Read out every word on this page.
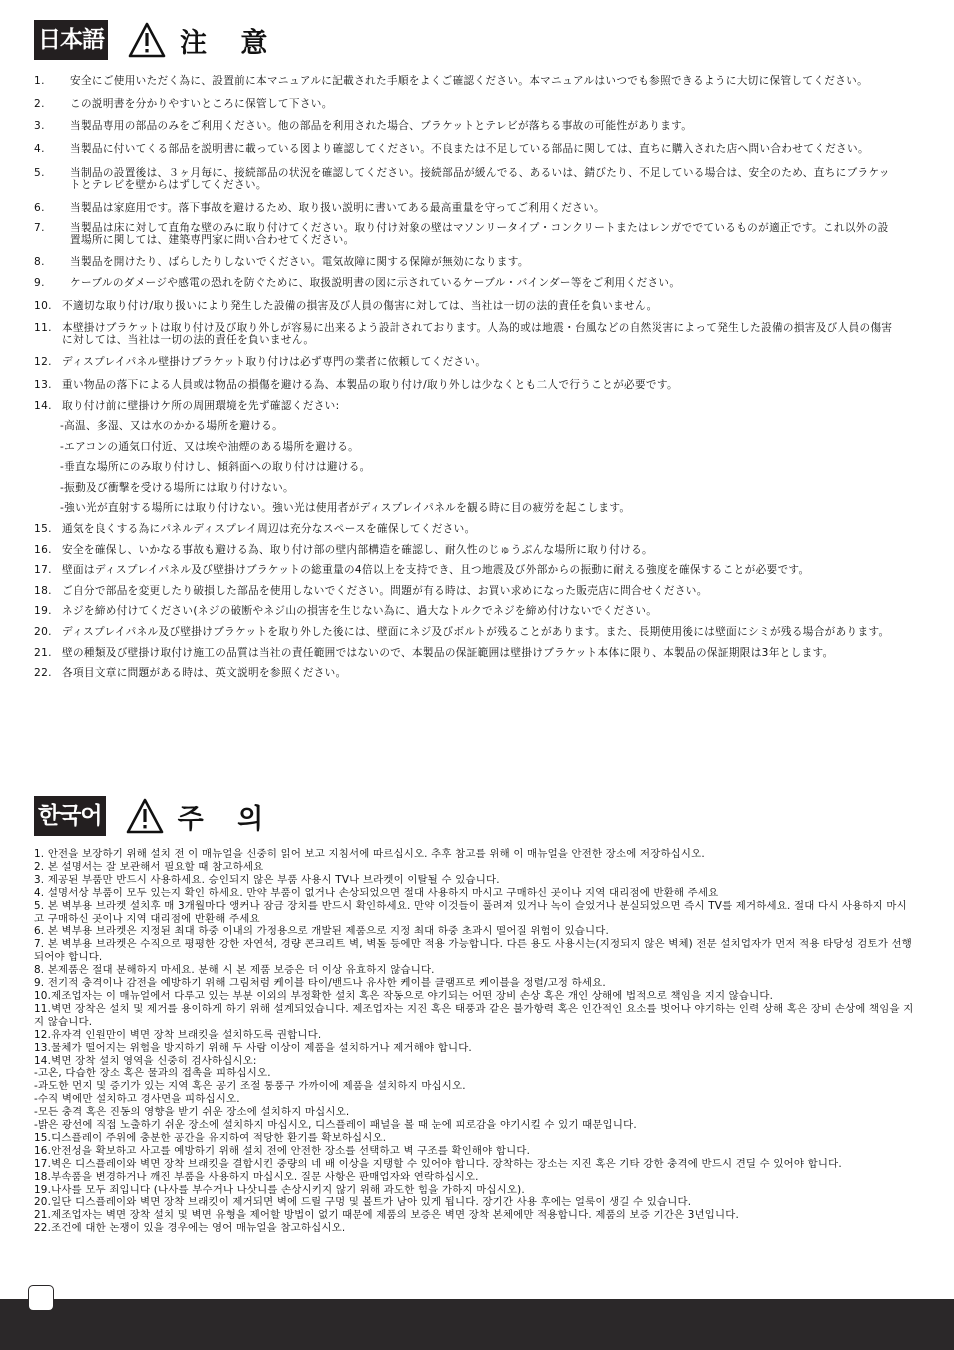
日本語	注 意
1.	安全にご使用いただく為に、設置前に本マニュアルに記載された手順をよくご確認ください。本マニュアルはいつでも参照できるように大切に保管してください。
2.	この説明書を分かりやすいところに保管して下さい。
3.	当製品専用の部品のみをご利用ください。他の部品を利用された場合、ブラケットとテレビが落ちる事故の可能性があります。
4.	当製品に付いてくる部品を説明書に載っている図より確認してください。不良または不足している部品に関しては、直ちに購入された店へ問い合わせてください。
5.	当制品の設置後は、３ヶ月毎に、接続部品の状況を確認してください。接続部品が緩んでる、あるいは、錆びたり、不足している場合は、安全のため、直ちにブラケットとテレビを壁からはずしてください。
6.	当製品は家庭用です。落下事故を避けるため、取り扱い説明に書いてある最高重量を守ってご利用ください。
7.	当製品は床に対して直角な壁のみに取り付けてください。取り付け対象の壁はマソンリータイプ・コンクリートまたはレンガででているものが適正です。これ以外の設置場所に関しては、建築専門家に問い合わせてください。
8.	当製品を開けたり、ばらしたりしないでください。電気故障に関する保障が無効になります。
9.	ケーブルのダメージや感電の恐れを防ぐために、取扱説明書の図に示されているケーブル・バインダー等をご利用ください。
10. 不適切な取り付け/取り扱いにより発生した設備の損害及び人員の傷害に対しては、当社は一切の法的責任を負いません。
11. 本壁掛けブラケットは取り付け及び取り外しが容易に出来るよう設計されております。人為的或は地震・台風などの自然災害によって発生した設備の損害及び人員の傷害に対しては、当社は一切の法的責任を負いません。
12. ディスプレイパネル壁掛けブラケット取り付けは必ず専門の業者に依頼してください。
13. 重い物品の落下による人員或は物品の損傷を避ける為、本製品の取り付け/取り外しは少なくとも二人で行うことが必要です。
14. 取り付け前に壁掛けケ所の周囲環境を先ず確認ください:
-高温、多湿、又は水のかかる場所を避ける。
-エアコンの通気口付近、又は埃や油煙のある場所を避ける。
-垂直な場所にのみ取り付けし、傾斜面への取り付けは避ける。
-振動及び衝撃を受ける場所には取り付けない。
-強い光が直射する場所には取り付けない。強い光は使用者がディスプレイパネルを観る時に目の疲労を起こします。
15. 通気を良くする為にパネルディスプレイ周辺は充分なスペースを確保してください。
16. 安全を確保し、いかなる事故も避ける為、取り付け部の壁内部構造を確認し、耐久性のじゅうぶんな場所に取り付ける。
17. 壁面はディスプレイパネル及び壁掛けブラケットの総重量の4倍以上を支持でき、且つ地震及び外部からの振動に耐える強度を確保することが必要です。
18. ご自分で部品を変更したり破損した部品を使用しないでください。問題が有る時は、お買い求めになった販売店に問合せください。
19. ネジを締め付けてください(ネジの破断やネジ山の損害を生じない為に、過大なトルクでネジを締め付けないでください。
20. ディスプレイパネル及び壁掛けブラケットを取り外した後には、壁面にネジ及びボルトが残ることがあります。また、長期使用後には壁面にシミが残る場合があります。
21. 壁の種類及び壁掛け取付け施工の品質は当社の責任範囲ではないので、本製品の保証範囲は壁掛けブラケット本体に限り、本製品の保証期限は3年とします。
22. 各項目文章に問題がある時は、英文説明を参照ください。
한국어	주 의
1. 안전을 보장하기 위해 설치 전 이 매뉴얼을 신중히 읽어 보고 지침서에 따르십시오. 추후 참고를 위해 이 매뉴얼을 안전한 장소에 저장하십시오.
2. 본 설명서는 잘 보관해서 필요할 때 참고하세요
3. 제공된 부품만 반드시 사용하세요. 승인되지 않은 부품 사용시 TV나 브라켓이 이탈될 수 있습니다.
4. 설명서상 부품이 모두 있는지 확인 하세요. 만약 부품이 없거나 손상되었으면 절대 사용하지 마시고 구매하신 곳이나 지역 대리점에 반환해 주세요
5. 본 벽부용 브라켓 설치후 매 3개월마다 앵커나 잠금 장치를 반드시 확인하세요. 만약 이것들이 풀려져 있거나 녹이 슬었거나 분실되었으면 즉시 TV를 제거하세요. 절대 다시 사용하지 마시고 구매하신 곳이나 지역 대리점에 반환해 주세요
6. 본 벽부용 브라켓은 지정된 최대 하중 이내의 가정용으로 개발된 제품으로 지정 최대 하중 초과시 떨어질 위험이 있습니다.
7. 본 벽부용 브라켓은 수직으로 평평한 강한 자연석, 경량 콘크리트 벽, 벽돌 등에만 적용 가능합니다. 다른 용도 사용시는(지정되지 않은 벽체) 전문 설치업자가 먼저 적용 타당성 검토가 선행되어야 합니다.
8. 본제품은 절대 분해하지 마세요. 분해 시 본 제품 보증은 더 이상 유효하지 않습니다.
9. 전기적 충격이나 감전을 예방하기 위해 그림처럼 케이블 타이/밴드나 유사한 케이블 클램프로 케이블을 정렬/고정 하세요.
10.제조업자는 이 매뉴얼에서 다루고 있는 부분 이외의 부정확한 설치 혹은 작동으로 야기되는 어떤 장비 손상 혹은 개인 상해에 법적으로 책임을 지지 않습니다.
11.벽면 장착은 설치 및 제거를 용이하게 하기 위해 설계되었습니다. 제조업자는 지진 혹은 태풍과 같은 불가항력 혹은 인간적인 요소를 벗어나 야기하는 인력 상해 혹은 장비 손상에 책임을 지지 않습니다.
12.유자격 인원만이 벽면 장착 브래킷을 설치하도록 권합니다.
13.물체가 떨어지는 위험을 방지하기 위해 두 사람 이상이 제품을 설치하거나 제거해야 합니다.
14.벽면 장착 설치 영역을 신중히 검사하십시오:
-고온, 다습한 장소 혹은 물과의 접촉을 피하십시오.
-과도한 먼지 및 증기가 있는 지역 혹은 공기 조절 통풍구 가까이에 제품을 설치하지 마십시오.
-수직 벽에만 설치하고 경사면을 피하십시오.
-모든 충격 혹은 진동의 영향을 받기 쉬운 장소에 설치하지 마십시오.
-밝은 광선에 직접 노출하기 쉬운 장소에 설치하지 마십시오, 디스플레이 패널을 볼 때 눈에 피로감을 야기시킬 수 있기 때문입니다.
15.디스플레이 주위에 충분한 공간을 유지하여 적당한 환기를 확보하십시오.
16.안전성을 확보하고 사고를 예방하기 위해 설치 전에 안전한 장소를 선택하고 벽 구조를 확인해야 합니다.
17.벽은 디스플레이와 벽면 장착 브래킷을 결합시킨 중량의 네 배 이상을 지탱할 수 있어야 합니다. 장착하는 장소는 지진 혹은 기타 강한 충격에 반드시 견딜 수 있어야 합니다.
18.부속품을 변경하거나 깨진 부품을 사용하지 마십시오. 질문 사항은 판매업자와 연락하십시오.
19.나사를 모두 죄입니다 (나사를 부수거나 나삿니를 손상시키지 않기 위해 과도한 힘을 가하지 마십시오).
20.일단 디스플레이와 벽면 장착 브래킷이 제거되면 벽에 드릴 구멍 및 볼트가 남아 있게 됩니다. 장기간 사용 후에는 얼룩이 생길 수 있습니다.
21.제조업자는 벽면 장착 설치 및 벽면 유형을 제어할 방법이 없기 때문에 제품의 보증은 벽면 장착 본체에만 적용합니다. 제품의 보증 기간은 3년입니다.
22.조건에 대한 논쟁이 있을 경우에는 영어 매뉴얼을 참고하십시오.
